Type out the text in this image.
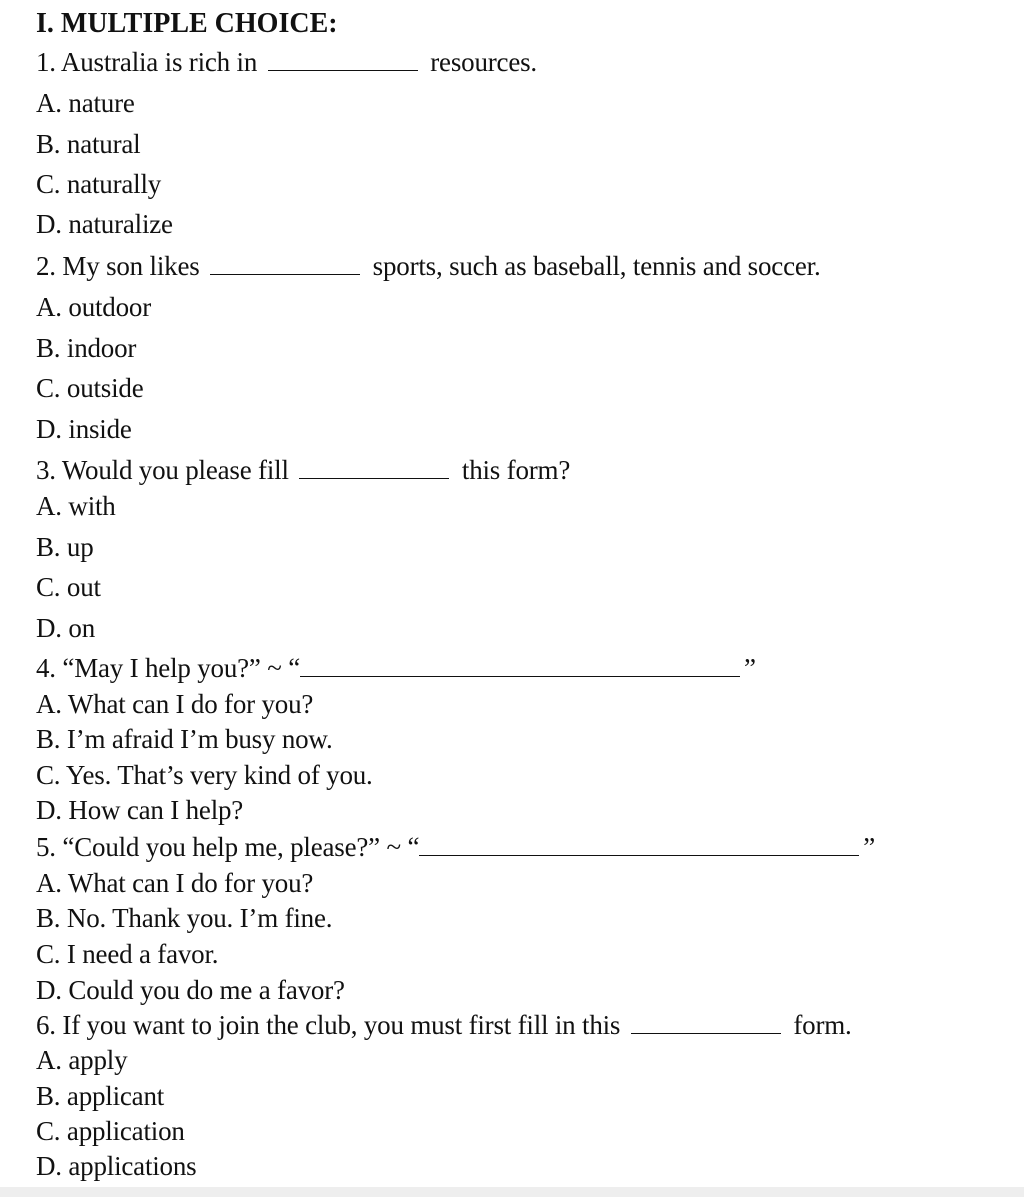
I. MULTIPLE CHOICE:
1. Australia is rich in	resources.
A. nature
B. natural
C. naturally
D. naturalize
2. My son likes	sports, such as baseball, tennis and soccer.
A. outdoor
B. indoor
C. outside
D. inside
3. Would you please fill	this form?
A. with
B. up
C. out
D. on
4. “May I help you?” ~ “	”
A. What can I do for you?
B. I’m afraid I’m busy now.
C. Yes. That’s very kind of you.
D. How can I help?
5. “Could you help me, please?” ~ “	”
A. What can I do for you?
B. No. Thank you. I’m fine.
C. I need a favor.
D. Could you do me a favor?
6. If you want to join the club, you must first fill in this	form.
A. apply
B. applicant
C. application
D. applications
